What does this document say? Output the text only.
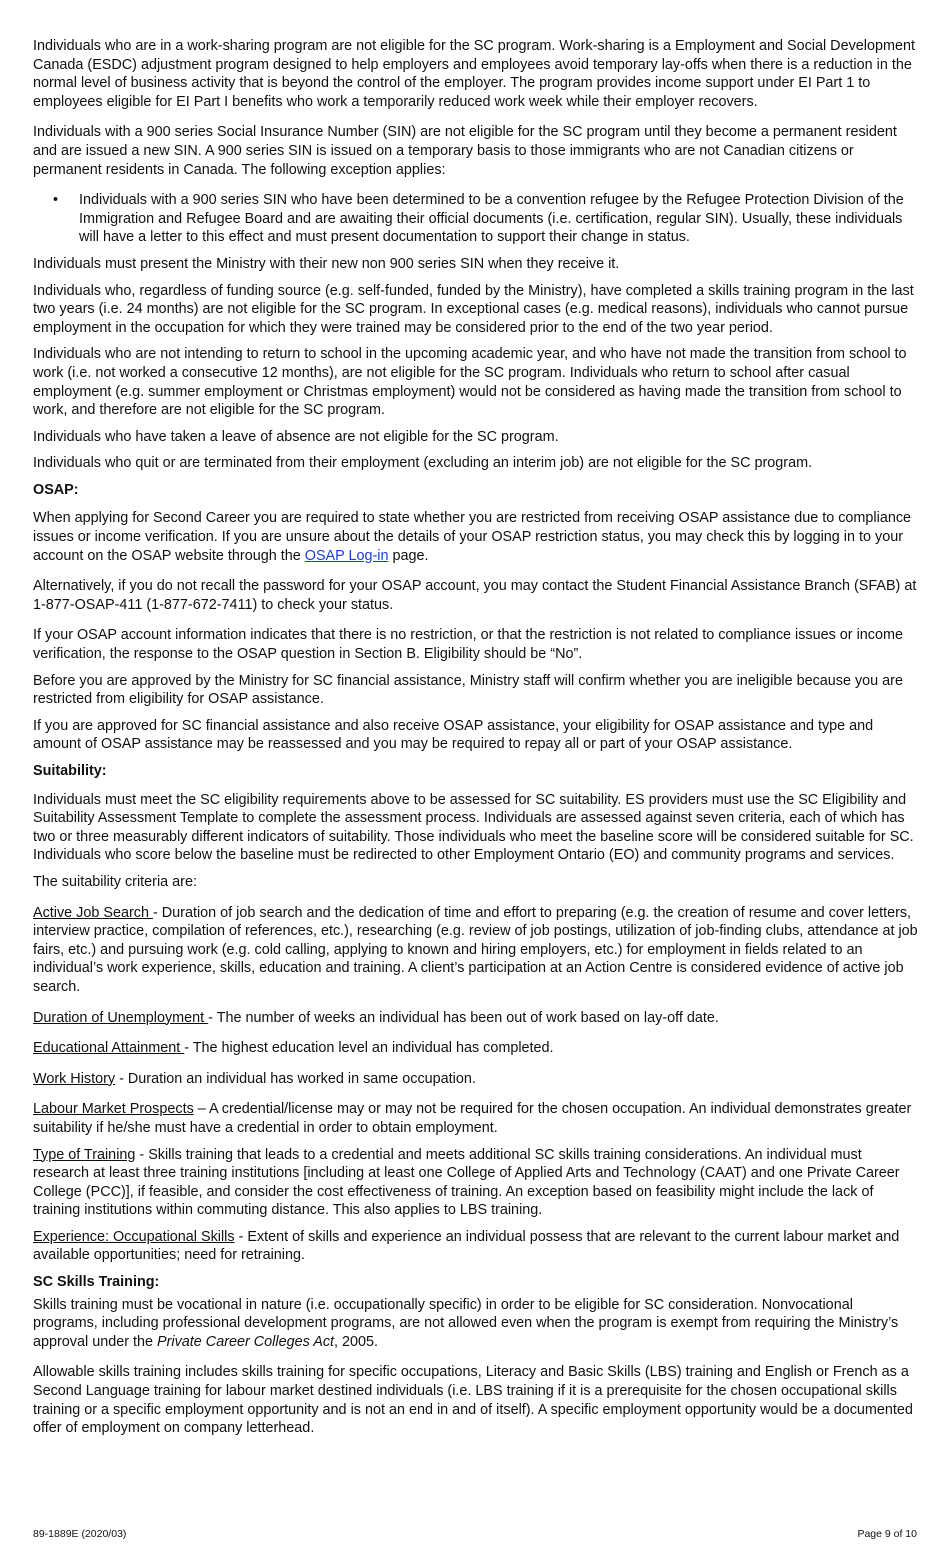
Individuals who are in a work-sharing program are not eligible for the SC program. Work-sharing is a Employment and Social Development Canada (ESDC) adjustment program designed to help employers and employees avoid temporary lay-offs when there is a reduction in the normal level of business activity that is beyond the control of the employer. The program provides income support under EI Part 1 to employees eligible for EI Part I benefits who work a temporarily reduced work week while their employer recovers.

Individuals with a 900 series Social Insurance Number (SIN) are not eligible for the SC program until they become a permanent resident and are issued a new SIN. A 900 series SIN is issued on a temporary basis to those immigrants who are not Canadian citizens or permanent residents in Canada. The following exception applies:

• Individuals with a 900 series SIN who have been determined to be a convention refugee by the Refugee Protection Division of the Immigration and Refugee Board and are awaiting their official documents (i.e. certification, regular SIN). Usually, these individuals will have a letter to this effect and must present documentation to support their change in status.

Individuals must present the Ministry with their new non 900 series SIN when they receive it.

Individuals who, regardless of funding source (e.g. self-funded, funded by the Ministry), have completed a skills training program in the last two years (i.e. 24 months) are not eligible for the SC program. In exceptional cases (e.g. medical reasons), individuals who cannot pursue employment in the occupation for which they were trained may be considered prior to the end of the two year period.

Individuals who are not intending to return to school in the upcoming academic year, and who have not made the transition from school to work (i.e. not worked a consecutive 12 months), are not eligible for the SC program. Individuals who return to school after casual employment (e.g. summer employment or Christmas employment) would not be considered as having made the transition from school to work, and therefore are not eligible for the SC program.

Individuals who have taken a leave of absence are not eligible for the SC program.

Individuals who quit or are terminated from their employment (excluding an interim job) are not eligible for the SC program.

OSAP:

When applying for Second Career you are required to state whether you are restricted from receiving OSAP assistance due to compliance issues or income verification. If you are unsure about the details of your OSAP restriction status, you may check this by logging in to your account on the OSAP website through the OSAP Log-in page.

Alternatively, if you do not recall the password for your OSAP account, you may contact the Student Financial Assistance Branch (SFAB) at 1-877-OSAP-411 (1-877-672-7411) to check your status.

If your OSAP account information indicates that there is no restriction, or that the restriction is not related to compliance issues or income verification, the response to the OSAP question in Section B. Eligibility should be “No”.

Before you are approved by the Ministry for SC financial assistance, Ministry staff will confirm whether you are ineligible because you are restricted from eligibility for OSAP assistance.

If you are approved for SC financial assistance and also receive OSAP assistance, your eligibility for OSAP assistance and type and amount of OSAP assistance may be reassessed and you may be required to repay all or part of your OSAP assistance.

Suitability:

Individuals must meet the SC eligibility requirements above to be assessed for SC suitability. ES providers must use the SC Eligibility and Suitability Assessment Template to complete the assessment process. Individuals are assessed against seven criteria, each of which has two or three measurably different indicators of suitability. Those individuals who meet the baseline score will be considered suitable for SC. Individuals who score below the baseline must be redirected to other Employment Ontario (EO) and community programs and services.

The suitability criteria are:

Active Job Search - Duration of job search and the dedication of time and effort to preparing (e.g. the creation of resume and cover letters, interview practice, compilation of references, etc.), researching (e.g. review of job postings, utilization of job-finding clubs, attendance at job fairs, etc.) and pursuing work (e.g. cold calling, applying to known and hiring employers, etc.) for employment in fields related to an individual’s work experience, skills, education and training. A client’s participation at an Action Centre is considered evidence of active job search.

Duration of Unemployment - The number of weeks an individual has been out of work based on lay-off date.

Educational Attainment - The highest education level an individual has completed.

Work History - Duration an individual has worked in same occupation.

Labour Market Prospects – A credential/license may or may not be required for the chosen occupation. An individual demonstrates greater suitability if he/she must have a credential in order to obtain employment.

Type of Training - Skills training that leads to a credential and meets additional SC skills training considerations. An individual must research at least three training institutions [including at least one College of Applied Arts and Technology (CAAT) and one Private Career College (PCC)], if feasible, and consider the cost effectiveness of training. An exception based on feasibility might include the lack of training institutions within commuting distance. This also applies to LBS training.

Experience: Occupational Skills - Extent of skills and experience an individual possess that are relevant to the current labour market and available opportunities; need for retraining.

SC Skills Training:

Skills training must be vocational in nature (i.e. occupationally specific) in order to be eligible for SC consideration. Nonvocational programs, including professional development programs, are not allowed even when the program is exempt from requiring the Ministry’s approval under the Private Career Colleges Act, 2005.

Allowable skills training includes skills training for specific occupations, Literacy and Basic Skills (LBS) training and English or French as a Second Language training for labour market destined individuals (i.e. LBS training if it is a prerequisite for the chosen occupational skills training or a specific employment opportunity and is not an end in and of itself). A specific employment opportunity would be a documented offer of employment on company letterhead.

89-1889E (2020/03)	Page 9 of 10
